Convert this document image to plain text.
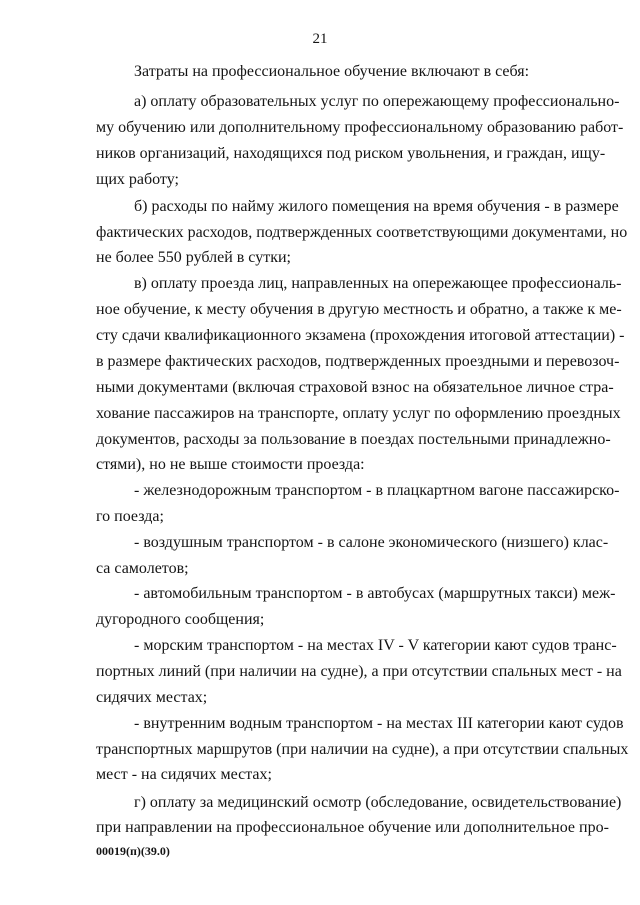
21
Затраты на профессиональное обучение включают в себя:
а) оплату образовательных услуг по опережающему профессионально-
му обучению или дополнительному профессиональному образованию работ-
ников организаций, находящихся под риском увольнения, и граждан, ищу-
щих работу;
б) расходы по найму жилого помещения на время обучения - в размере
фактических расходов, подтвержденных соответствующими документами, но
не более 550 рублей в сутки;
в) оплату проезда лиц, направленных на опережающее профессиональ-
ное обучение, к месту обучения в другую местность и обратно, а также к ме-
сту сдачи квалификационного экзамена (прохождения итоговой аттестации) -
в размере фактических расходов, подтвержденных проездными и перевозоч-
ными документами (включая страховой взнос на обязательное личное стра-
хование пассажиров на транспорте, оплату услуг по оформлению проездных
документов, расходы за пользование в поездах постельными принадлежно-
стями), но не выше стоимости проезда:
- железнодорожным транспортом - в плацкартном вагоне пассажирско-
го поезда;
- воздушным транспортом - в салоне экономического (низшего) клас-
са самолетов;
- автомобильным транспортом - в автобусах (маршрутных такси) меж-
дугородного сообщения;
- морским транспортом - на местах IV - V категории кают судов транс-
портных линий (при наличии на судне), а при отсутствии спальных мест - на
сидячих местах;
- внутренним водным транспортом - на местах III категории кают судов
транспортных маршрутов (при наличии на судне), а при отсутствии спальных
мест - на сидячих местах;
г) оплату за медицинский осмотр (обследование, освидетельствование)
при направлении на профессиональное обучение или дополнительное про-
00019(п)(39.0)
